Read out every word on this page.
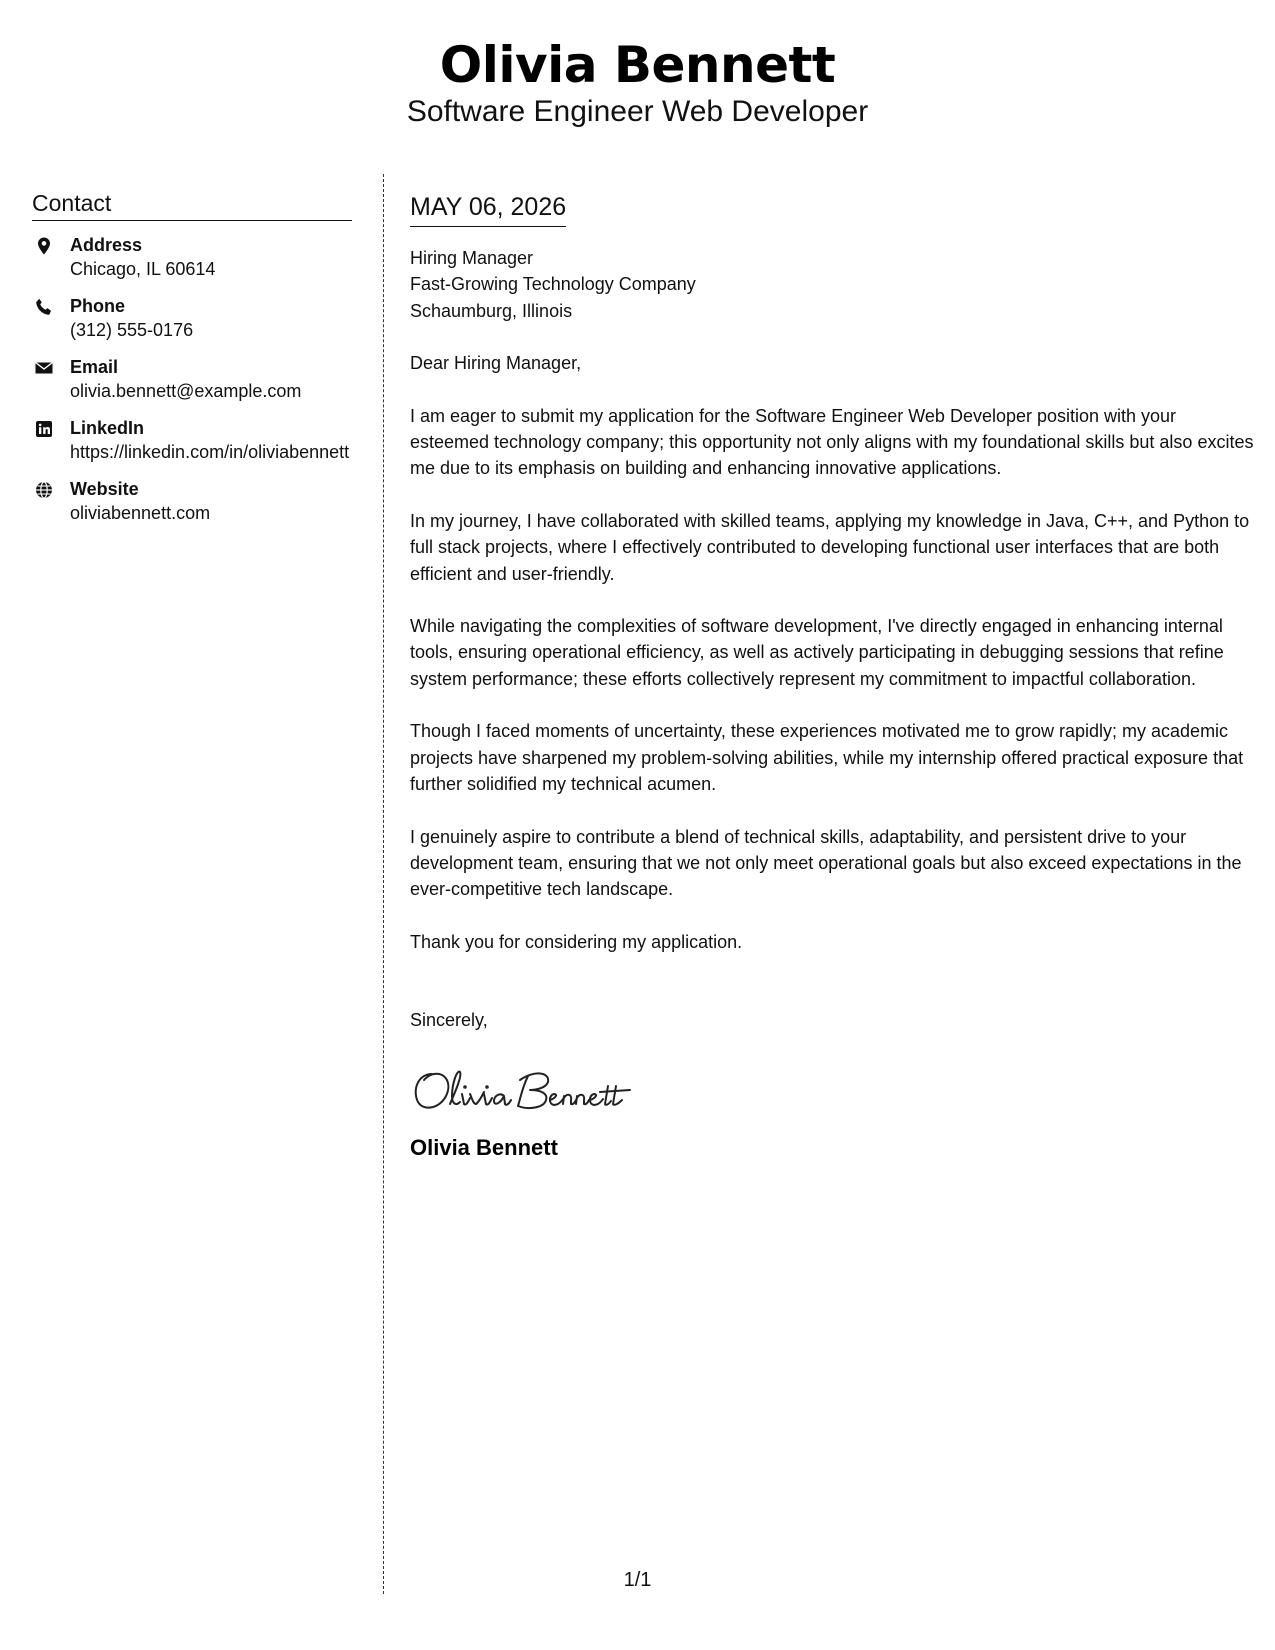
Olivia Bennett
Software Engineer Web Developer
Contact
Address
Chicago, IL 60614
Phone
(312) 555-0176
Email
olivia.bennett@example.com
LinkedIn
https://linkedin.com/in/oliviabennett
Website
oliviabennett.com
MAY 06, 2026
Hiring Manager
Fast-Growing Technology Company
Schaumburg, Illinois
Dear Hiring Manager,
I am eager to submit my application for the Software Engineer Web Developer position with your esteemed technology company; this opportunity not only aligns with my foundational skills but also excites me due to its emphasis on building and enhancing innovative applications.
In my journey, I have collaborated with skilled teams, applying my knowledge in Java, C++, and Python to full stack projects, where I effectively contributed to developing functional user interfaces that are both efficient and user-friendly.
While navigating the complexities of software development, I've directly engaged in enhancing internal tools, ensuring operational efficiency, as well as actively participating in debugging sessions that refine system performance; these efforts collectively represent my commitment to impactful collaboration.
Though I faced moments of uncertainty, these experiences motivated me to grow rapidly; my academic projects have sharpened my problem-solving abilities, while my internship offered practical exposure that further solidified my technical acumen.
I genuinely aspire to contribute a blend of technical skills, adaptability, and persistent drive to your development team, ensuring that we not only meet operational goals but also exceed expectations in the ever-competitive tech landscape.
Thank you for considering my application.
Sincerely,
Olivia Bennett
1/1
